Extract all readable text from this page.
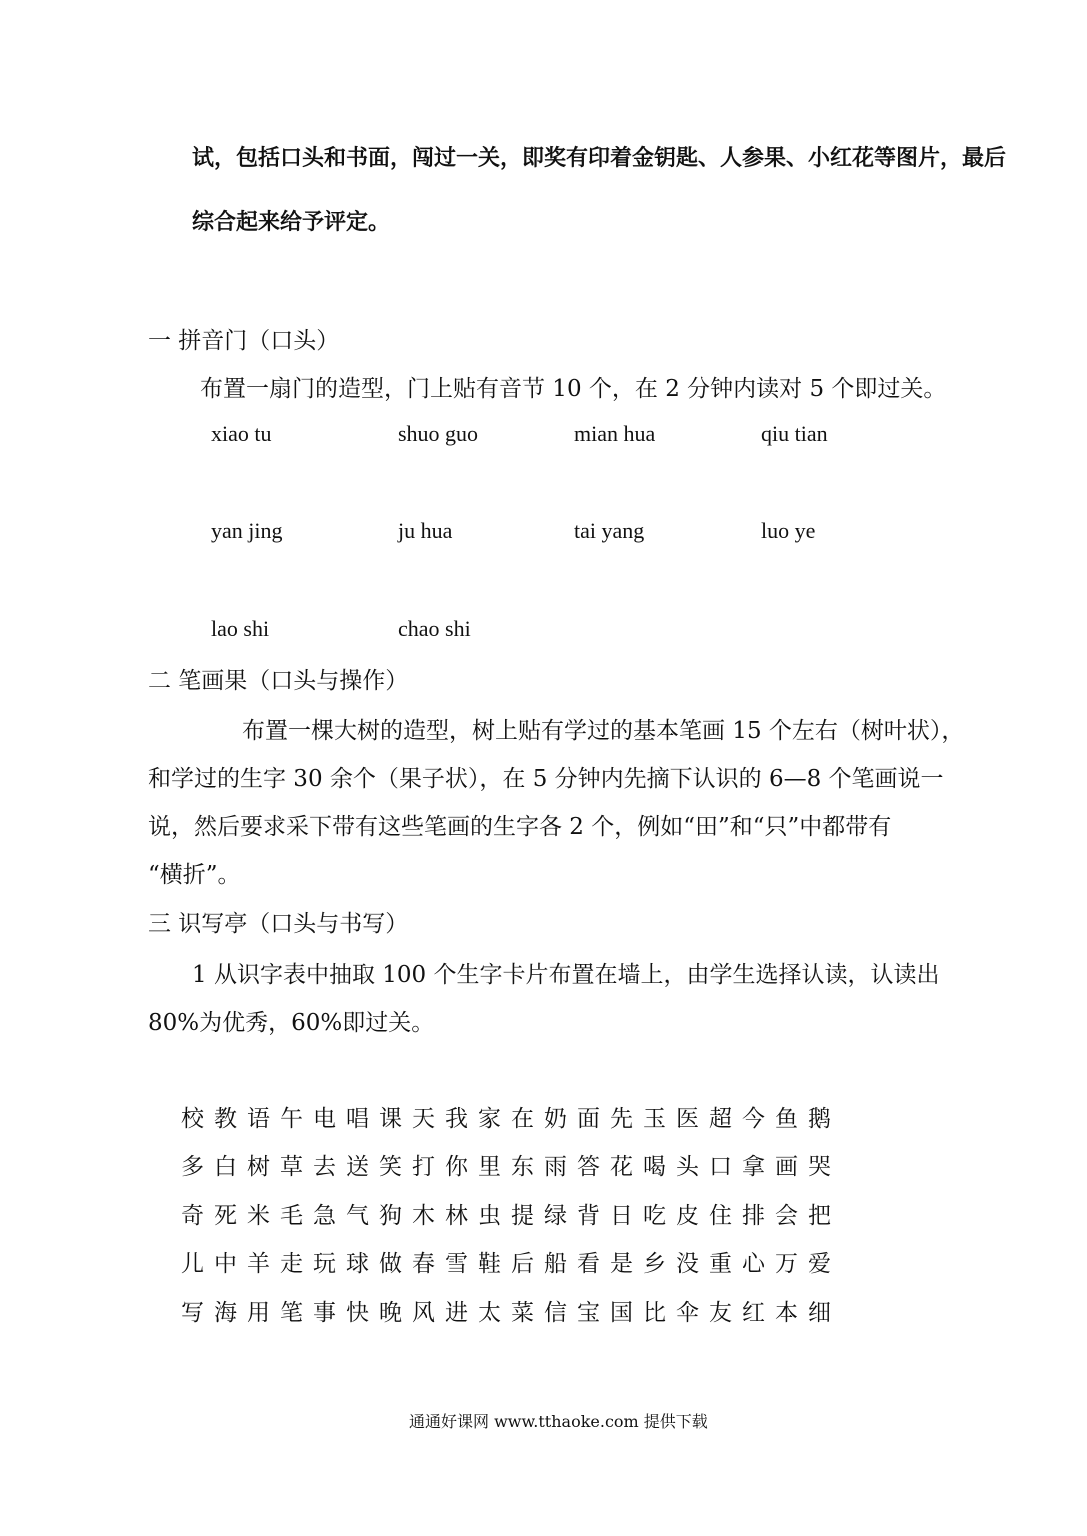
试，包括口头和书面，闯过一关，即奖有印着金钥匙、人参果、小红花等图片，最后
综合起来给予评定。
一 拼音门（口头）
布置一扇门的造型，门上贴有音节 10 个，在 2 分钟内读对 5 个即过关。
xiao tu	shuo guo	mian hua	qiu tian
yan jing	ju hua	tai yang	luo ye
lao shi	chao shi
二 笔画果（口头与操作）
布置一棵大树的造型，树上贴有学过的基本笔画 15 个左右（树叶状），
和学过的生字 30 余个（果子状），在 5 分钟内先摘下认识的 6—8 个笔画说一
说，然后要求采下带有这些笔画的生字各 2 个，例如“田”和“只”中都带有
“横折”。
三 识写亭（口头与书写）
1 从识字表中抽取 100 个生字卡片布置在墙上，由学生选择认读，认读出
80%为优秀，60%即过关。
校教语午电唱课天我家在奶面先玉医超今鱼鹅
多白树草去送笑打你里东雨答花喝头口拿画哭
奇死米毛急气狗木林虫提绿背日吃皮住排会把
儿中羊走玩球做春雪鞋后船看是乡没重心万爱
写海用笔事快晚风进太菜信宝国比伞友红本细
通通好课网 www.tthaoke.com 提供下载
